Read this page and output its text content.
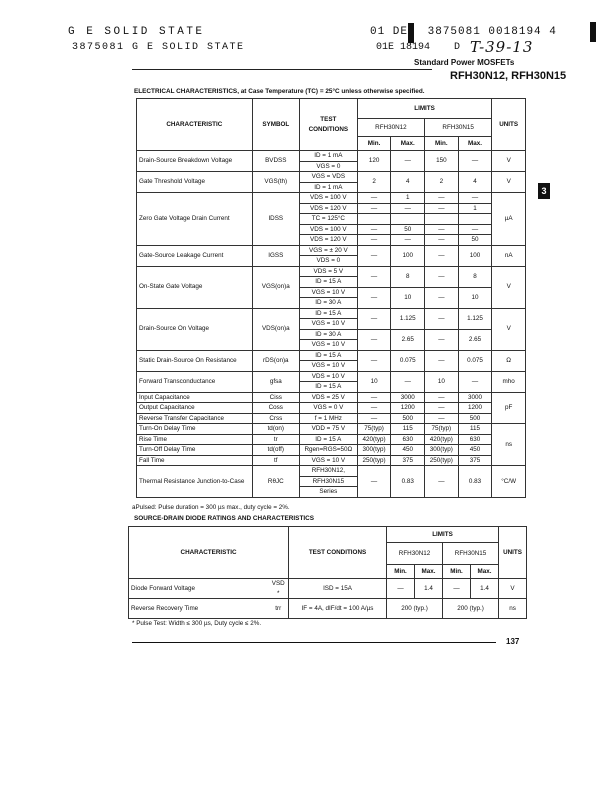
G E SOLID STATE	01 DE 3875081 0018194 4
3875081 G E SOLID STATE	01E 18194 D T-39-13
Standard Power MOSFETs
RFH30N12, RFH30N15
3
ELECTRICAL CHARACTERISTICS, at Case Temperature (TC) = 25°C unless otherwise specified.
CHARACTERISTIC	SYMBOL	TEST CONDITIONS	LIMITS				UNITS
			RFH30N12		RFH30N15		
			Min.	Max.	Min.	Max.	
Drain-Source Breakdown Voltage	BVDSS	ID = 1 mA	120	—	150	—	V
		VGS = 0					
Gate Threshold Voltage	VGS(th)	VGS = VDS	2	4	2	4	V
		ID = 1 mA					
Zero Gate Voltage Drain Current	IDSS	VDS = 100 V	—	1	—	—	µA
		VDS = 120 V	—	—	—	1	
		TC = 125°C					
		VDS = 100 V	—	50	—	—	
		VDS = 120 V	—	—	—	50	
Gate-Source Leakage Current	IGSS	VGS = ± 20 V	—	100	—	100	nA
		VDS = 0					
On-State Gate Voltage	VGS(on)a	VDS = 5 V	—	8	—	8	V
		ID = 15 A					
		VGS = 10 V	—	10	—	10	
		ID = 30 A					
Drain-Source On Voltage	VDS(on)a	ID = 15 A	—	1.125	—	1.125	V
		VGS = 10 V					
		ID = 30 A	—	2.65	—	2.65	
		VGS = 10 V					
Static Drain-Source On Resistance	rDS(on)a	ID = 15 A	—	0.075	—	0.075	Ω
		VGS = 10 V					
Forward Transconductance	gfsa	VDS = 10 V	10	—	10	—	mho
		ID = 15 A					
Input Capacitance	Ciss	VDS = 25 V	—	3000	—	3000	pF
Output Capacitance	Coss	VGS = 0 V	—	1200	—	1200	
Reverse Transfer Capacitance	Crss	f = 1 MHz	—	500	—	500	
Turn-On Delay Time	td(on)	VDD = 75 V	75(typ)	115	75(typ)	115	ns
Rise Time	tr	ID = 15 A	420(typ)	630	420(typ)	630	
Turn-Off Delay Time	td(off)	Rgen=RGS=50Ω	300(typ)	450	300(typ)	450	
Fall Time	tf	VGS = 10 V	250(typ)	375	250(typ)	375	
Thermal Resistance Junction-to-Case	RθJC	RFH30N12,	—	0.83	—	0.83	°C/W
		RFH30N15					
		Series					
aPulsed: Pulse duration = 300 µs max., duty cycle = 2%.
SOURCE-DRAIN DIODE RATINGS AND CHARACTERISTICS
CHARACTERISTIC		TEST CONDITIONS	LIMITS				UNITS
			RFH30N12		RFH30N15		
			Min.	Max.	Min.	Max.	
Diode Forward Voltage	VSD *	ISD = 15A	—	1.4	—	1.4	V
Reverse Recovery Time	trr	IF = 4A, dIF/dt = 100 A/µs	200 (typ.)		200 (typ.)		ns
* Pulse Test: Width ≤ 300 µs, Duty cycle ≤ 2%.
137
